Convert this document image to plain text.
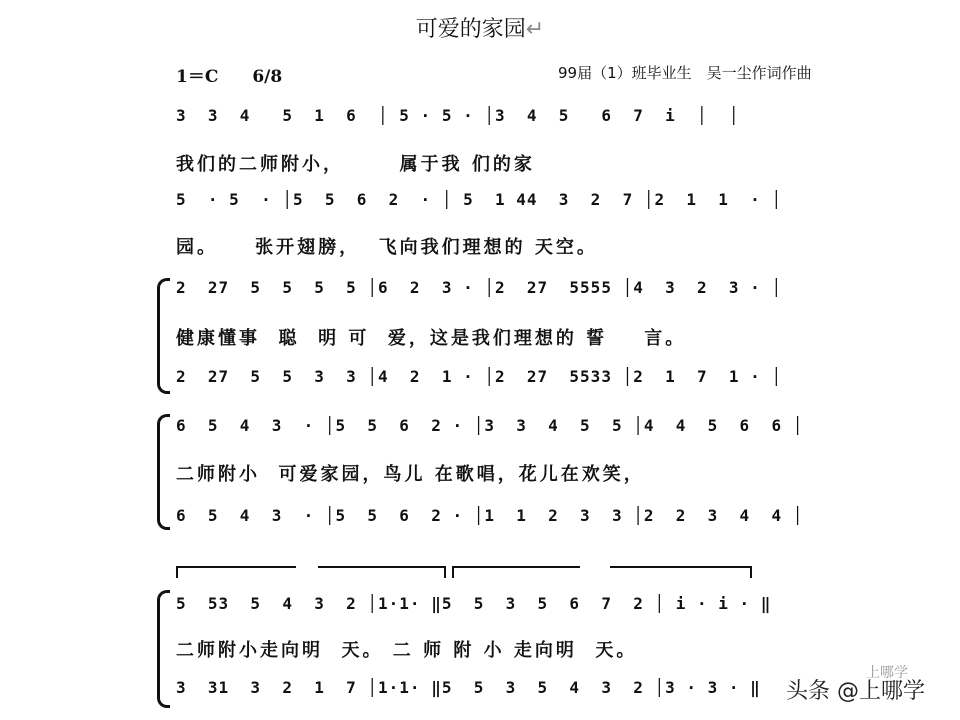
可爱的家园↵
1＝C　　6/8	99届（1）班毕业生　吴一尘作词作曲
3  3  4   5  1  6  │ 5 · 5 · │3  4  5   6  7  i  │  │
我们的二师附小，      属于我 们的家
5  · 5  · │5  5  6  2  · │ 5  1 44  3  2  7 │2  1  1  · │
园。    张开翅膀，  飞向我们理想的 天空。
2  27  5  5  5  5 │6  2  3 · │2  27  5555 │4  3  2  3 · │
健康懂事  聪  明 可  爱，这是我们理想的 誓    言。
2  27  5  5  3  3 │4  2  1 · │2  27  5533 │2  1  7  1 · │
6  5  4  3  · │5  5  6  2 · │3  3  4  5  5 │4  4  5  6  6 │
二师附小  可爱家园，鸟儿 在歌唱，花儿在欢笑，
6  5  4  3  · │5  5  6  2 · │1  1  2  3  3 │2  2  3  4  4 │
5  53  5  4  3  2 │1·1· ‖5  5  3  5  6  7  2 │ i · i · ‖
二师附小走向明  天。 二 师 附 小 走向明  天。
3  31  3  2  1  7 │1·1· ‖5  5  3  5  4  3  2 │3 · 3 · ‖
上哪学
头条 @上哪学
